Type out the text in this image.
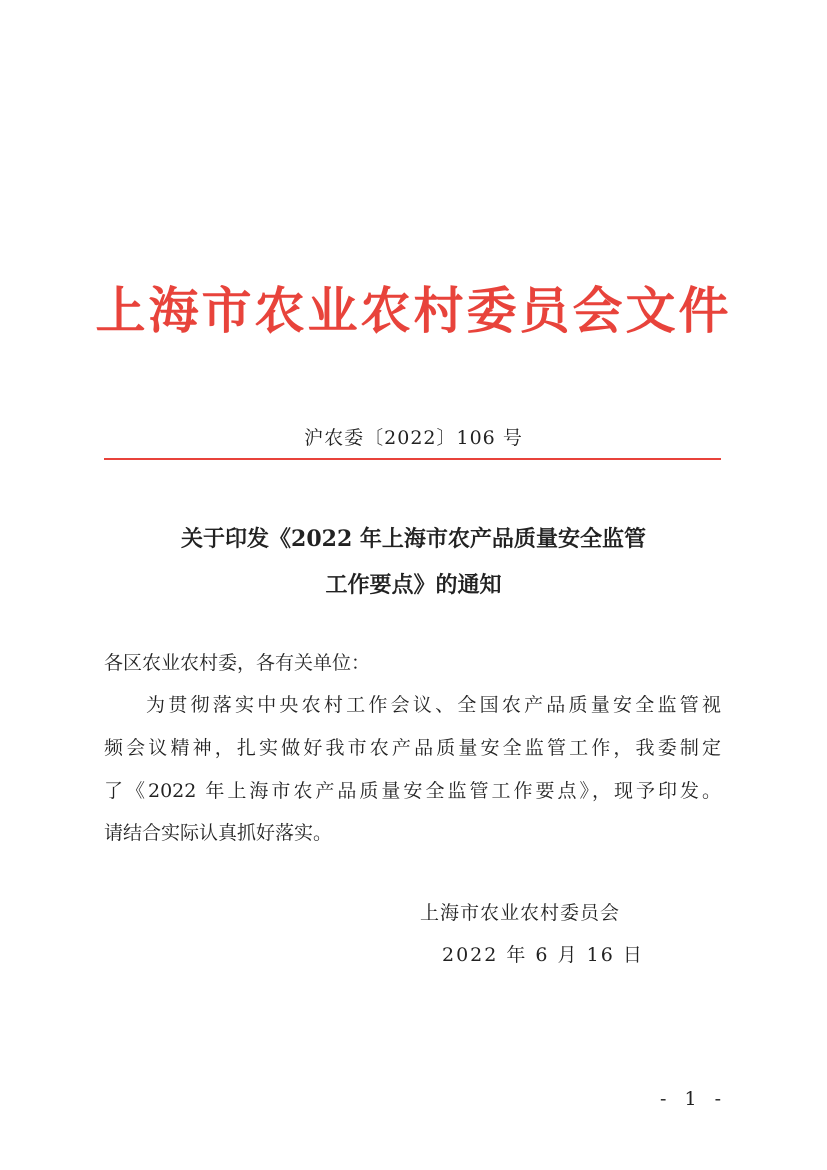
上海市农业农村委员会文件
沪农委〔2022〕106 号
关于印发《2022 年上海市农产品质量安全监管
工作要点》的通知
各区农业农村委，各有关单位：
为贯彻落实中央农村工作会议、全国农产品质量安全监管视
频会议精神，扎实做好我市农产品质量安全监管工作，我委制定
了《2022 年上海市农产品质量安全监管工作要点》，现予印发。
请结合实际认真抓好落实。
上海市农业农村委员会
2022 年 6 月 16 日
- 1 -
